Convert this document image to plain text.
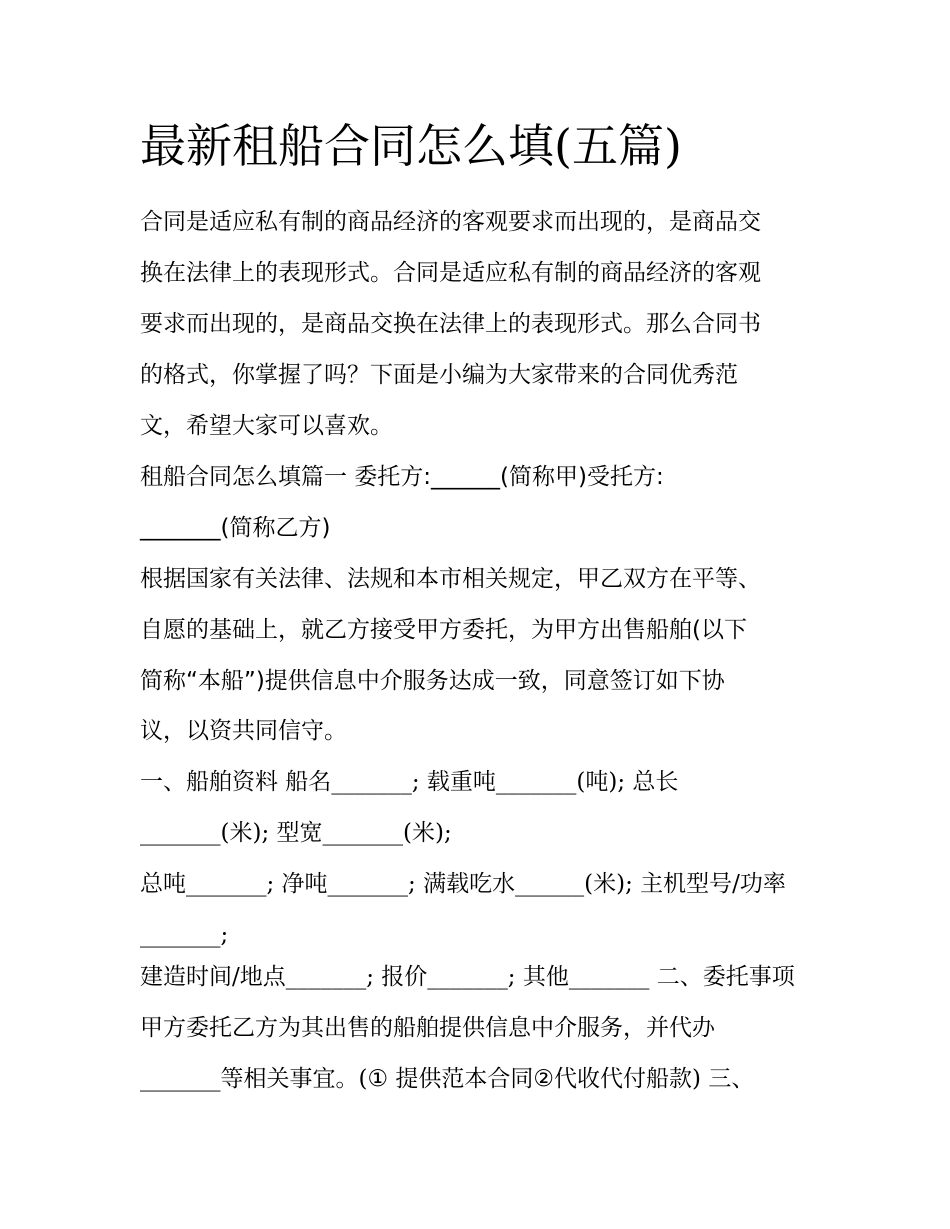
最新租船合同怎么填(五篇)
合同是适应私有制的商品经济的客观要求而出现的，是商品交
换在法律上的表现形式。合同是适应私有制的商品经济的客观
要求而出现的，是商品交换在法律上的表现形式。那么合同书
的格式，你掌握了吗？下面是小编为大家带来的合同优秀范
文，希望大家可以喜欢。
租船合同怎么填篇一 委托方:______(简称甲)受托方:
_______(简称乙方)
根据国家有关法律、法规和本市相关规定，甲乙双方在平等、
自愿的基础上，就乙方接受甲方委托，为甲方出售船舶(以下
简称“本船”)提供信息中介服务达成一致，同意签订如下协
议，以资共同信守。
一、船舶资料 船名_______; 载重吨_______(吨); 总长
_______(米); 型宽_______(米);
总吨_______; 净吨_______; 满载吃水______(米); 主机型号/功率
_______;
建造时间/地点_______; 报价_______; 其他_______ 二、委托事项
甲方委托乙方为其出售的船舶提供信息中介服务，并代办
_______等相关事宜。(① 提供范本合同②代收代付船款) 三、
